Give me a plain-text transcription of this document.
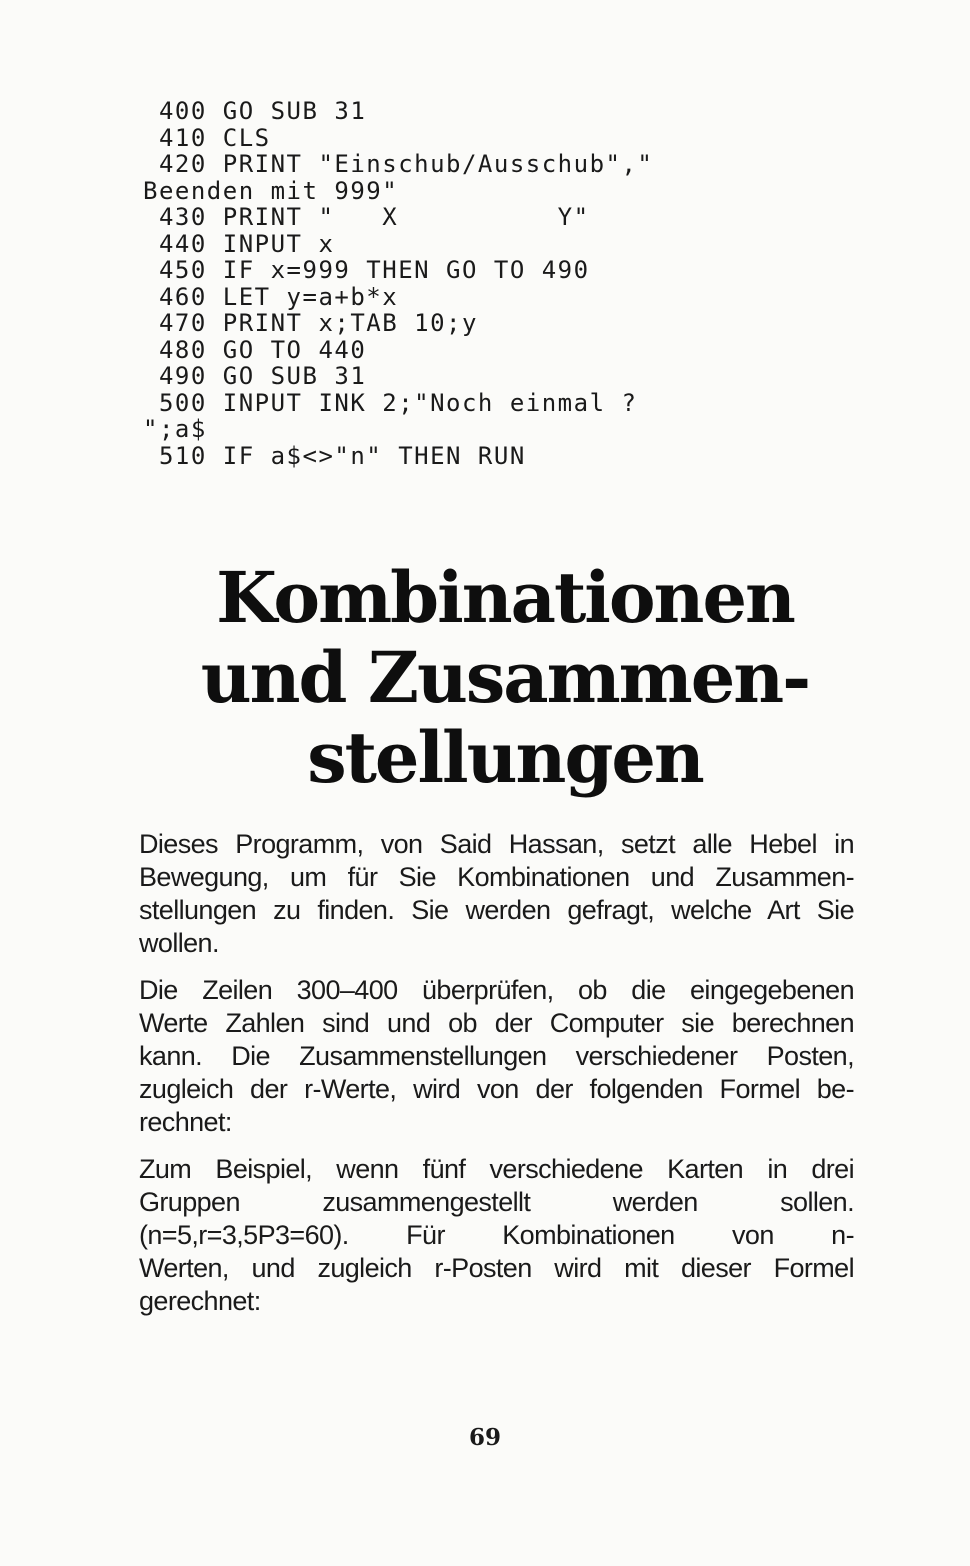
400 GO SUB 31
410 CLS
420 PRINT "Einschub/Ausschub","
Beenden mit 999"
430 PRINT "   X          Y"
440 INPUT x
450 IF x=999 THEN GO TO 490
460 LET y=a+b*x
470 PRINT x;TAB 10;y
480 GO TO 440
490 GO SUB 31
500 INPUT INK 2;"Noch einmal ?
";a$
510 IF a$<>"n" THEN RUN
Kombinationen
und Zusammen-
stellungen

Dieses Programm, von Said Hassan, setzt alle Hebel in
Bewegung, um für Sie Kombinationen und Zusammen-
stellungen zu finden. Sie werden gefragt, welche Art Sie
wollen.

Die Zeilen 300–400 überprüfen, ob die eingegebenen
Werte Zahlen sind und ob der Computer sie berechnen
kann. Die Zusammenstellungen verschiedener Posten,
zugleich der r-Werte, wird von der folgenden Formel be-
rechnet:

Zum Beispiel, wenn fünf verschiedene Karten in drei
Gruppen zusammengestellt werden sollen.
(n=5,r=3,5P3=60). Für Kombinationen von n-
Werten, und zugleich r-Posten wird mit dieser Formel
gerechnet:

69
